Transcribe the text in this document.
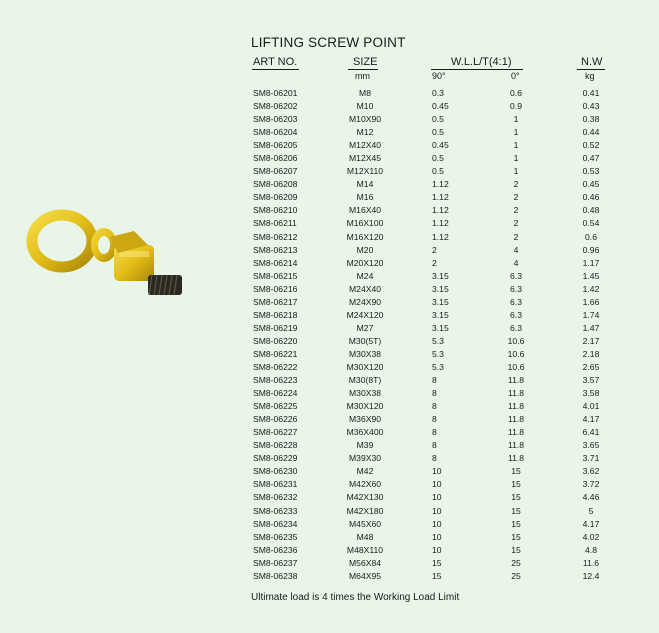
LIFTING SCREW POINT
ART NO.	SIZE	W.L.L/T(4:1)	N.W
mm	90°	0°	kg
SM8-06201	M8	0.3	0.6	0.41
SM8-06202	M10	0.45	0.9	0.43
SM8-06203	M10X90	0.5	1	0.38
SM8-06204	M12	0.5	1	0.44
SM8-06205	M12X40	0.45	1	0.52
SM8-06206	M12X45	0.5	1	0.47
SM8-06207	M12X110	0.5	1	0.53
SM8-06208	M14	1.12	2	0.45
SM8-06209	M16	1.12	2	0.46
SM8-06210	M16X40	1.12	2	0.48
SM8-06211	M16X100	1.12	2	0.54
SM8-06212	M16X120	1.12	2	0.6
SM8-06213	M20	2	4	0.96
SM8-06214	M20X120	2	4	1.17
SM8-06215	M24	3.15	6.3	1.45
SM8-06216	M24X40	3.15	6.3	1.42
SM8-06217	M24X90	3.15	6.3	1.66
SM8-06218	M24X120	3.15	6.3	1.74
SM8-06219	M27	3.15	6.3	1.47
SM8-06220	M30(5T)	5.3	10.6	2.17
SM8-06221	M30X38	5.3	10.6	2.18
SM8-06222	M30X120	5.3	10.6	2.65
SM8-06223	M30(8T)	8	11.8	3.57
SM8-06224	M30X38	8	11.8	3.58
SM8-06225	M30X120	8	11.8	4.01
SM8-06226	M36X90	8	11.8	4.17
SM8-06227	M36X400	8	11.8	6.41
SM8-06228	M39	8	11.8	3.65
SM8-06229	M39X30	8	11.8	3.71
SM8-06230	M42	10	15	3.62
SM8-06231	M42X60	10	15	3.72
SM8-06232	M42X130	10	15	4.46
SM8-06233	M42X180	10	15	5
SM8-06234	M45X60	10	15	4.17
SM8-06235	M48	10	15	4.02
SM8-06236	M48X110	10	15	4.8
SM8-06237	M56X84	15	25	11.6
SM8-06238	M64X95	15	25	12.4
Ultimate load is 4 times the Working Load Limit
